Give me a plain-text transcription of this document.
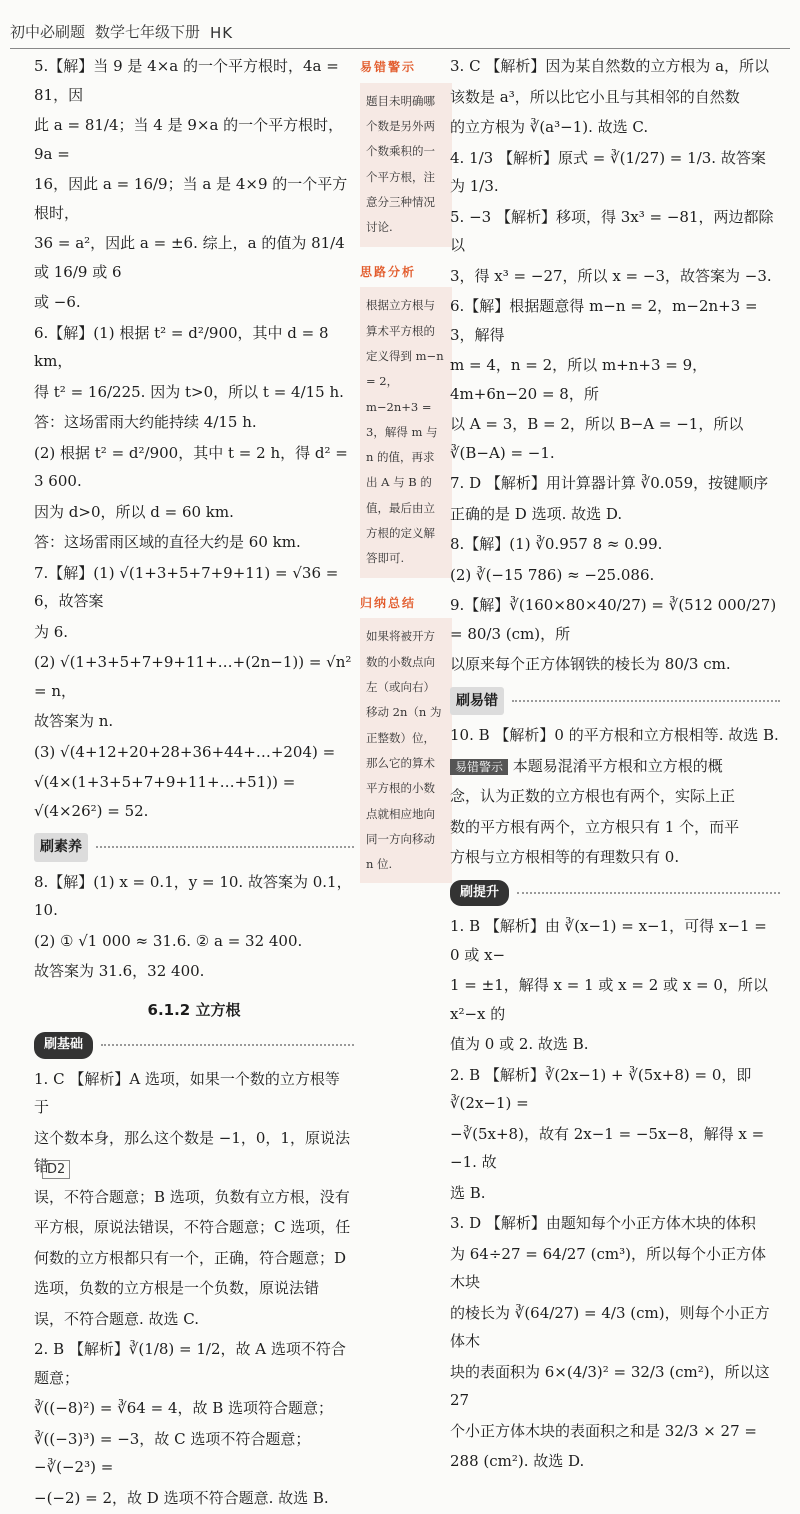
初中必刷题 数学七年级下册 HK
5.【解】当 9 是 4×a 的一个平方根时，4a = 81，因
此 a = 81/4；当 4 是 9×a 的一个平方根时，9a =
16，因此 a = 16/9；当 a 是 4×9 的一个平方根时，
36 = a²，因此 a = ±6. 综上，a 的值为 81/4 或 16/9 或 6
或 −6.
6.【解】(1) 根据 t² = d²/900，其中 d = 8 km，
得 t² = 16/225. 因为 t>0，所以 t = 4/15 h.
答：这场雷雨大约能持续 4/15 h.
(2) 根据 t² = d²/900，其中 t = 2 h，得 d² = 3 600.
因为 d>0，所以 d = 60 km.
答：这场雷雨区域的直径大约是 60 km.
7.【解】(1) √(1+3+5+7+9+11) = √36 = 6，故答案
为 6.
(2) √(1+3+5+7+9+11+…+(2n−1)) = √n² = n，
故答案为 n.
(3) √(4+12+20+28+36+44+…+204) =
√(4×(1+3+5+7+9+11+…+51)) = √(4×26²) = 52.
刷素养
8.【解】(1) x = 0.1，y = 10. 故答案为 0.1，10.
(2) ① √1 000 ≈ 31.6. ② a = 32 400.
故答案为 31.6，32 400.
6.1.2 立方根
刷基础
1. C 【解析】A 选项，如果一个数的立方根等于
这个数本身，那么这个数是 −1，0，1，原说法错
误，不符合题意；B 选项，负数有立方根，没有
平方根，原说法错误，不符合题意；C 选项，任
何数的立方根都只有一个，正确，符合题意；D
选项，负数的立方根是一个负数，原说法错
误，不符合题意. 故选 C.
2. B 【解析】∛(1/8) = 1/2，故 A 选项不符合题意；
∛((−8)²) = ∛64 = 4，故 B 选项符合题意；
∛((−3)³) = −3，故 C 选项不符合题意；−∛(−2³) =
−(−2) = 2，故 D 选项不符合题意. 故选 B.
易错警示
题目未明确哪个数是另外两个数乘积的一个平方根，注意分三种情况讨论.
思路分析
根据立方根与算术平方根的定义得到 m−n = 2，m−2n+3 = 3，解得 m 与 n 的值，再求出 A 与 B 的值，最后由立方根的定义解答即可.
归纳总结
如果将被开方数的小数点向左（或向右）移动 2n（n 为正整数）位，那么它的算术平方根的小数点就相应地向同一方向移动 n 位.
3. C 【解析】因为某自然数的立方根为 a，所以
该数是 a³，所以比它小且与其相邻的自然数
的立方根为 ∛(a³−1). 故选 C.
4. 1/3 【解析】原式 = ∛(1/27) = 1/3. 故答案为 1/3.
5. −3 【解析】移项，得 3x³ = −81，两边都除以
3，得 x³ = −27，所以 x = −3，故答案为 −3.
6.【解】根据题意得 m−n = 2，m−2n+3 = 3，解得
m = 4，n = 2，所以 m+n+3 = 9，4m+6n−20 = 8，所
以 A = 3，B = 2，所以 B−A = −1，所以 ∛(B−A) = −1.
7. D 【解析】用计算器计算 ∛0.059，按键顺序
正确的是 D 选项. 故选 D.
8.【解】(1) ∛0.957 8 ≈ 0.99.
(2) ∛(−15 786) ≈ −25.086.
9.【解】∛(160×80×40/27) = ∛(512 000/27) = 80/3 (cm)，所
以原来每个正方体钢铁的棱长为 80/3 cm.
刷易错
10. B 【解析】0 的平方根和立方根相等. 故选 B.
易错警示 本题易混淆平方根和立方根的概
念，认为正数的立方根也有两个，实际上正
数的平方根有两个，立方根只有 1 个，而平
方根与立方根相等的有理数只有 0.
刷提升
1. B 【解析】由 ∛(x−1) = x−1，可得 x−1 = 0 或 x−
1 = ±1，解得 x = 1 或 x = 2 或 x = 0，所以 x²−x 的
值为 0 或 2. 故选 B.
2. B 【解析】∛(2x−1) + ∛(5x+8) = 0，即 ∛(2x−1) =
−∛(5x+8)，故有 2x−1 = −5x−8，解得 x = −1. 故
选 B.
3. D 【解析】由题知每个小正方体木块的体积
为 64÷27 = 64/27 (cm³)，所以每个小正方体木块
的棱长为 ∛(64/27) = 4/3 (cm)，则每个小正方体木
块的表面积为 6×(4/3)² = 32/3 (cm²)，所以这 27
个小正方体木块的表面积之和是 32/3 × 27 =
288 (cm²). 故选 D.
D2
